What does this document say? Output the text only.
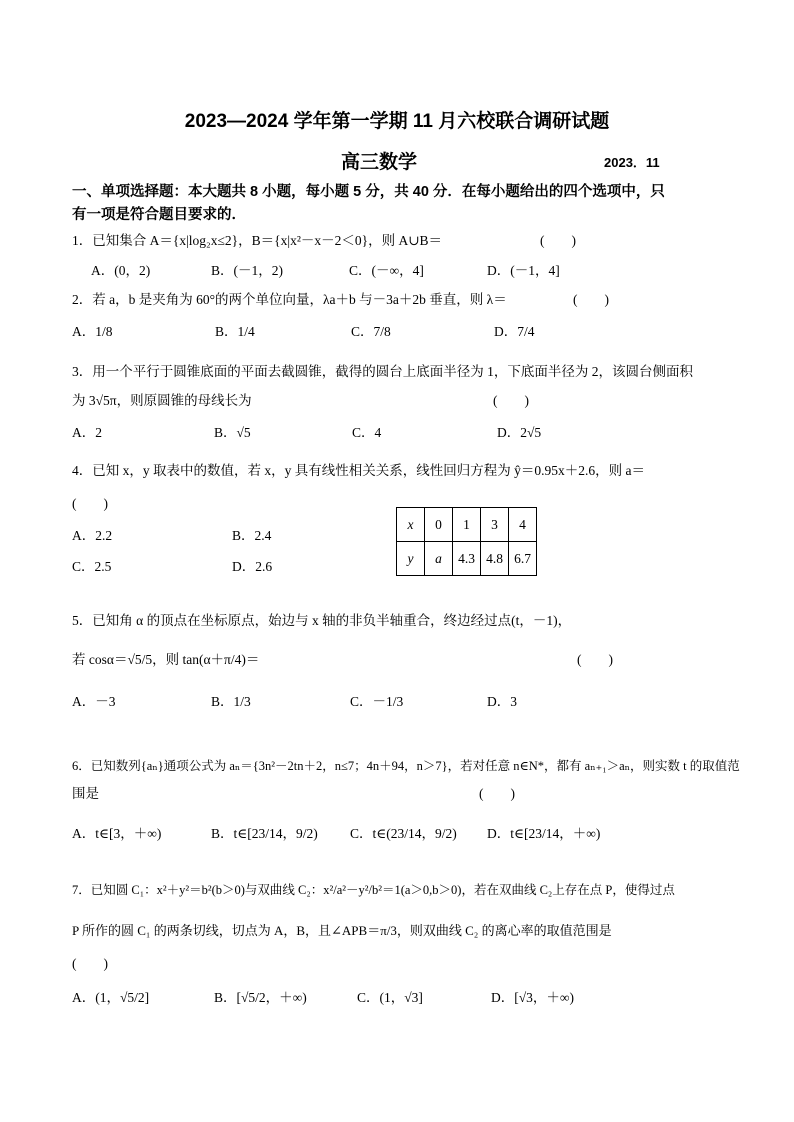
2023—2024 学年第一学期 11 月六校联合调研试题
高三数学	2023．11
一、单项选择题：本大题共 8 小题，每小题 5 分，共 40 分．在每小题给出的四个选项中，只
有一项是符合题目要求的．
1．已知集合 A＝{x|log₂x≤2}，B＝{x|x²－x－2＜0}，则 A∪B＝	(　　)
A．(0，2)	B．(－1，2)	C．(－∞，4]	D．(－1，4]
2．若 a，b 是夹角为 60°的两个单位向量，λa＋b 与－3a＋2b 垂直，则 λ＝	(　　)
A．1/8	B．1/4	C．7/8	D．7/4
3．用一个平行于圆锥底面的平面去截圆锥，截得的圆台上底面半径为 1，下底面半径为 2，该圆台侧面积
为 3√5π，则原圆锥的母线长为	(　　)
A．2	B．√5	C．4	D．2√5
4．已知 x，y 取表中的数值，若 x，y 具有线性相关关系，线性回归方程为 ŷ＝0.95x＋2.6，则 a＝
(　　)
A．2.2	B．2.4
C．2.5	D．2.6
x	0	1	3	4
y	a	4.3	4.8	6.7
5．已知角 α 的顶点在坐标原点，始边与 x 轴的非负半轴重合，终边经过点(t，－1)，
若 cosα＝√5/5，则 tan(α＋π/4)＝	(　　)
A．－3	B．1/3	C．－1/3	D．3
6．已知数列{aₙ}通项公式为 aₙ＝{3n²－2tn＋2，n≤7；4n＋94，n＞7}，若对任意 n∈N*，都有 aₙ₊₁＞aₙ，则实数 t 的取值范
围是	(　　)
A．t∈[3，＋∞)	B．t∈[23/14，9/2) C．t∈(23/14，9/2) D．t∈[23/14，＋∞)
7．已知圆 C₁：x²＋y²＝b²(b＞0)与双曲线 C₂：x²/a²－y²/b²＝1(a＞0,b＞0)，若在双曲线 C₂上存在点 P，使得过点
P 所作的圆 C₁ 的两条切线，切点为 A，B，且∠APB＝π/3，则双曲线 C₂ 的离心率的取值范围是
(　　)
A．(1，√5/2]	B．[√5/2，＋∞)	C．(1，√3]	D．[√3，＋∞)
